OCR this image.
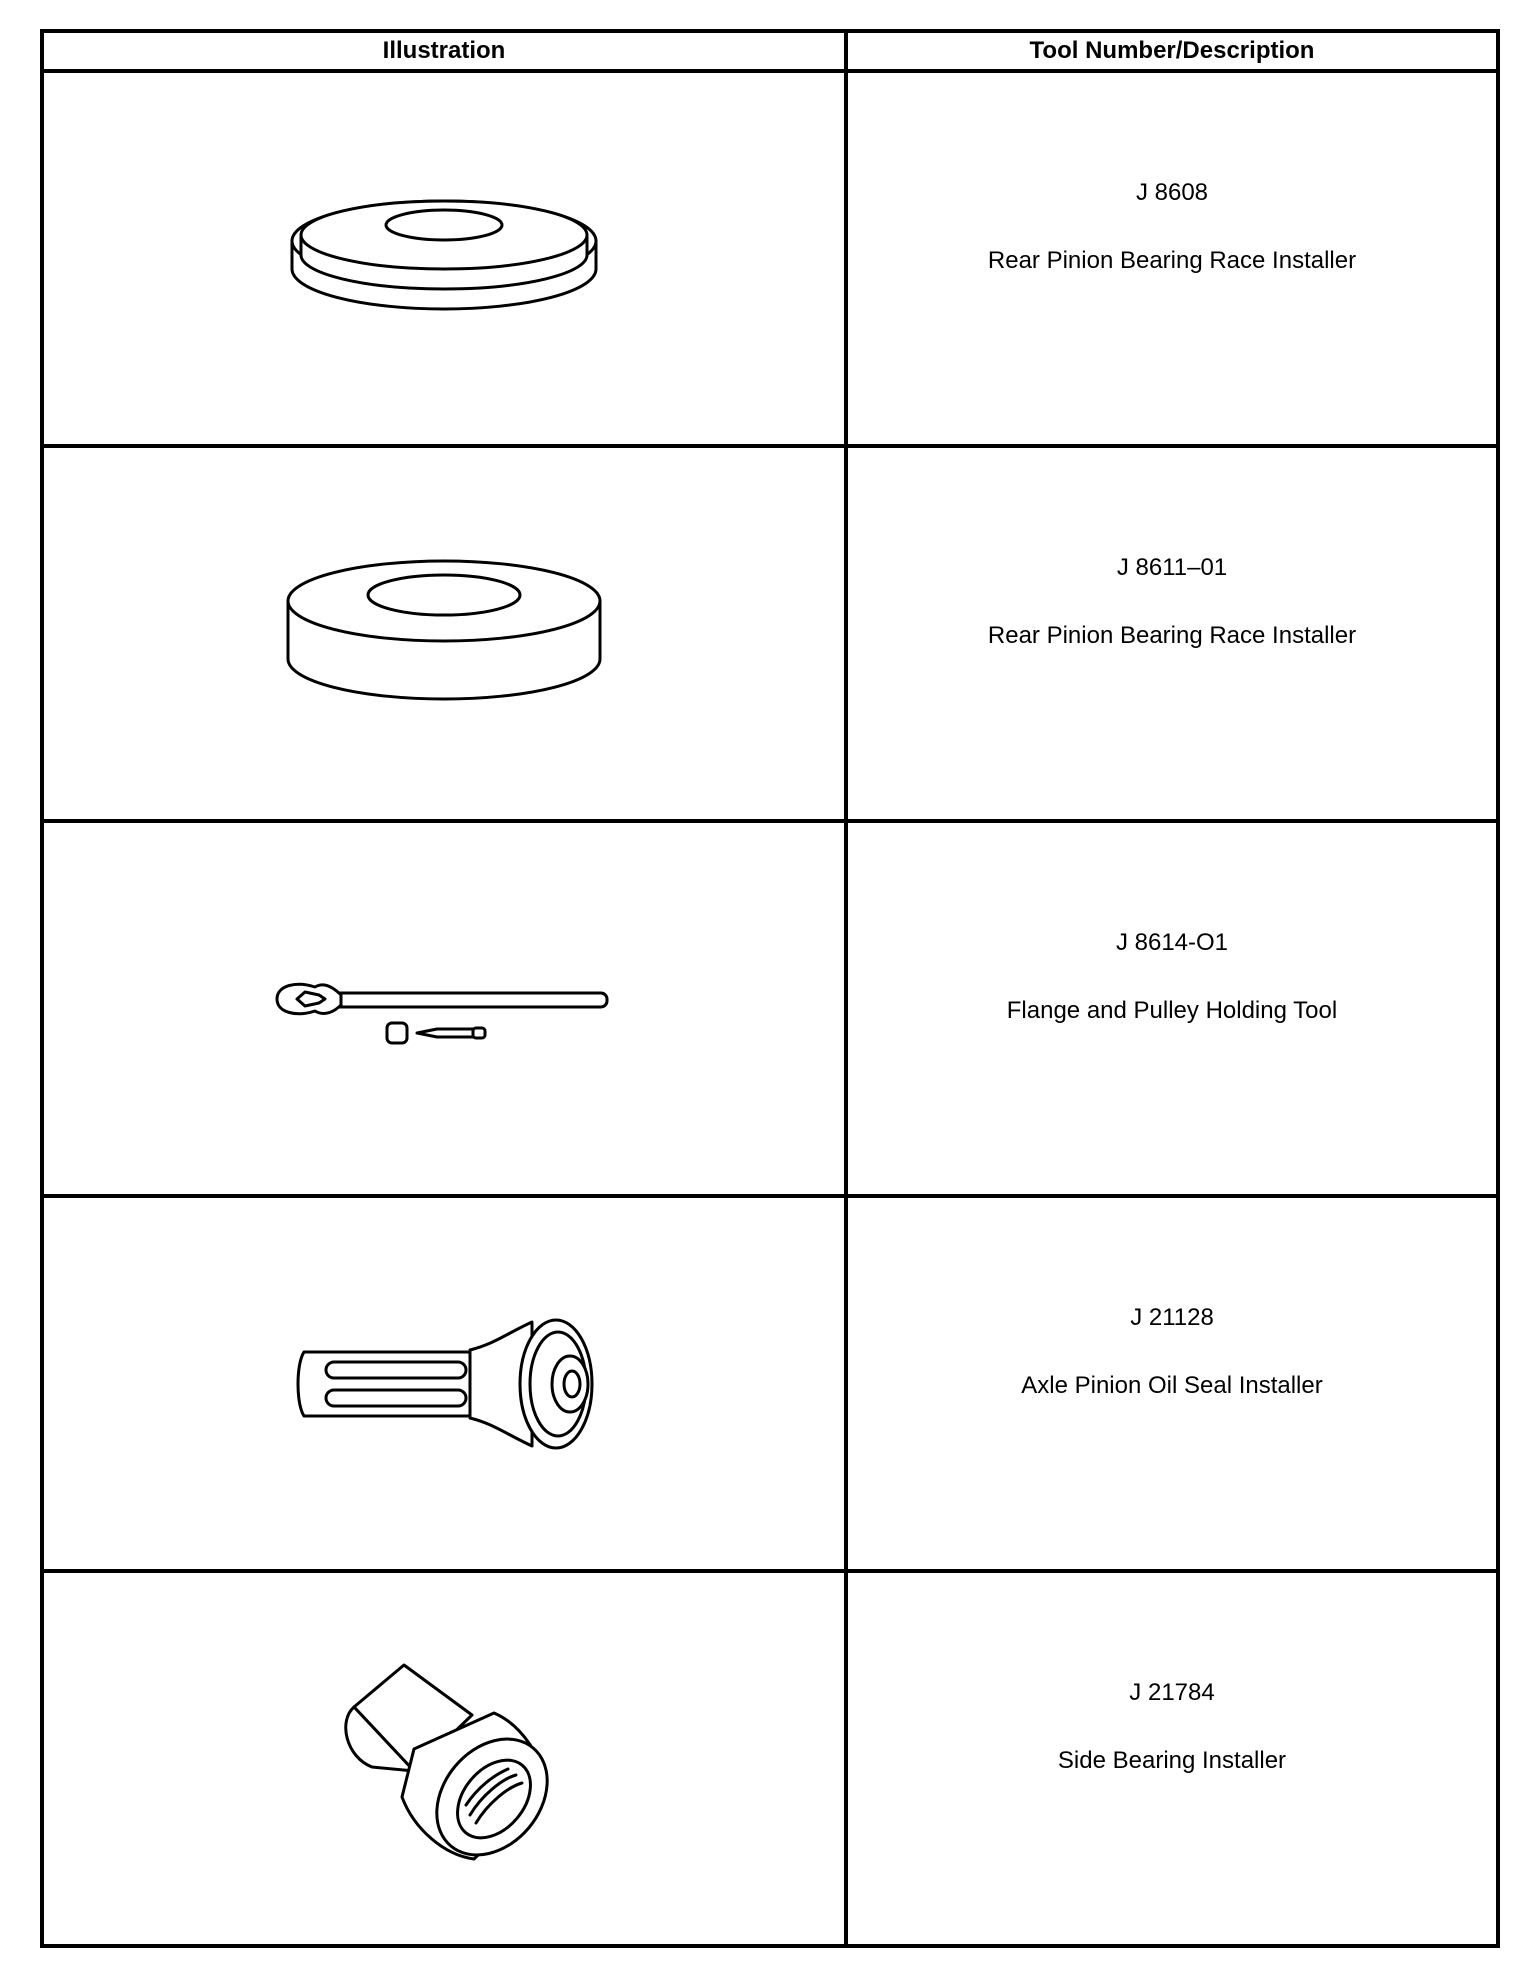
Illustration	Tool Number/Description

J 8608
Rear Pinion Bearing Race Installer

J 8611–01
Rear Pinion Bearing Race Installer

J 8614-O1
Flange and Pulley Holding Tool

J 21128
Axle Pinion Oil Seal Installer

J 21784
Side Bearing Installer
